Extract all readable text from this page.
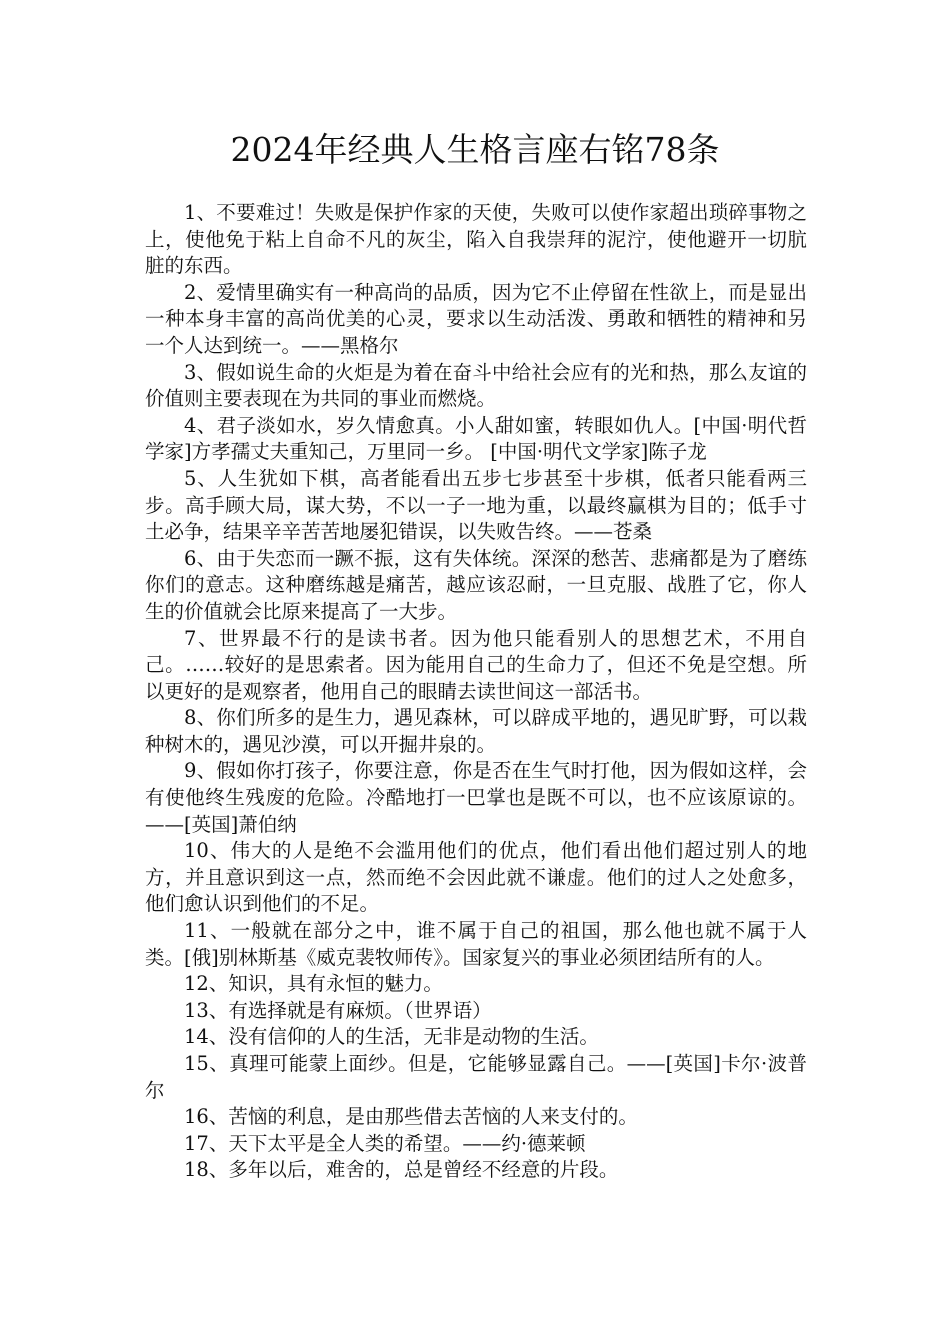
2024年经典人生格言座右铭78条

1、不要难过！失败是保护作家的天使，失败可以使作家超出琐碎事物之上，使他免于粘上自命不凡的灰尘，陷入自我崇拜的泥泞，使他避开一切肮脏的东西。

2、爱情里确实有一种高尚的品质，因为它不止停留在性欲上，而是显出一种本身丰富的高尚优美的心灵，要求以生动活泼、勇敢和牺牲的精神和另一个人达到统一。——黑格尔

3、假如说生命的火炬是为着在奋斗中给社会应有的光和热，那么友谊的价值则主要表现在为共同的事业而燃烧。

4、君子淡如水，岁久情愈真。小人甜如蜜，转眼如仇人。[中国·明代哲学家]方孝孺丈夫重知己，万里同一乡。 [中国·明代文学家]陈子龙

5、人生犹如下棋，高者能看出五步七步甚至十步棋，低者只能看两三步。高手顾大局，谋大势，不以一子一地为重，以最终赢棋为目的；低手寸土必争，结果辛辛苦苦地屡犯错误，以失败告终。——苍桑

6、由于失恋而一蹶不振，这有失体统。深深的愁苦、悲痛都是为了磨练你们的意志。这种磨练越是痛苦，越应该忍耐，一旦克服、战胜了它，你人生的价值就会比原来提高了一大步。

7、世界最不行的是读书者。因为他只能看别人的思想艺术，不用自己。……较好的是思索者。因为能用自己的生命力了，但还不免是空想。所以更好的是观察者，他用自己的眼睛去读世间这一部活书。

8、你们所多的是生力，遇见森林，可以辟成平地的，遇见旷野，可以栽种树木的，遇见沙漠，可以开掘井泉的。

9、假如你打孩子，你要注意，你是否在生气时打他，因为假如这样，会有使他终生残废的危险。冷酷地打一巴掌也是既不可以，也不应该原谅的。——[英国]萧伯纳

10、伟大的人是绝不会滥用他们的优点，他们看出他们超过别人的地方，并且意识到这一点，然而绝不会因此就不谦虚。他们的过人之处愈多，他们愈认识到他们的不足。

11、一般就在部分之中，谁不属于自己的祖国，那么他也就不属于人类。[俄]别林斯基《威克裴牧师传》。国家复兴的事业必须团结所有的人。

12、知识，具有永恒的魅力。

13、有选择就是有麻烦。（世界语）

14、没有信仰的人的生活，无非是动物的生活。

15、真理可能蒙上面纱。但是，它能够显露自己。——[英国]卡尔·波普尔

16、苦恼的利息，是由那些借去苦恼的人来支付的。

17、天下太平是全人类的希望。——约·德莱顿

18、多年以后，难舍的，总是曾经不经意的片段。
